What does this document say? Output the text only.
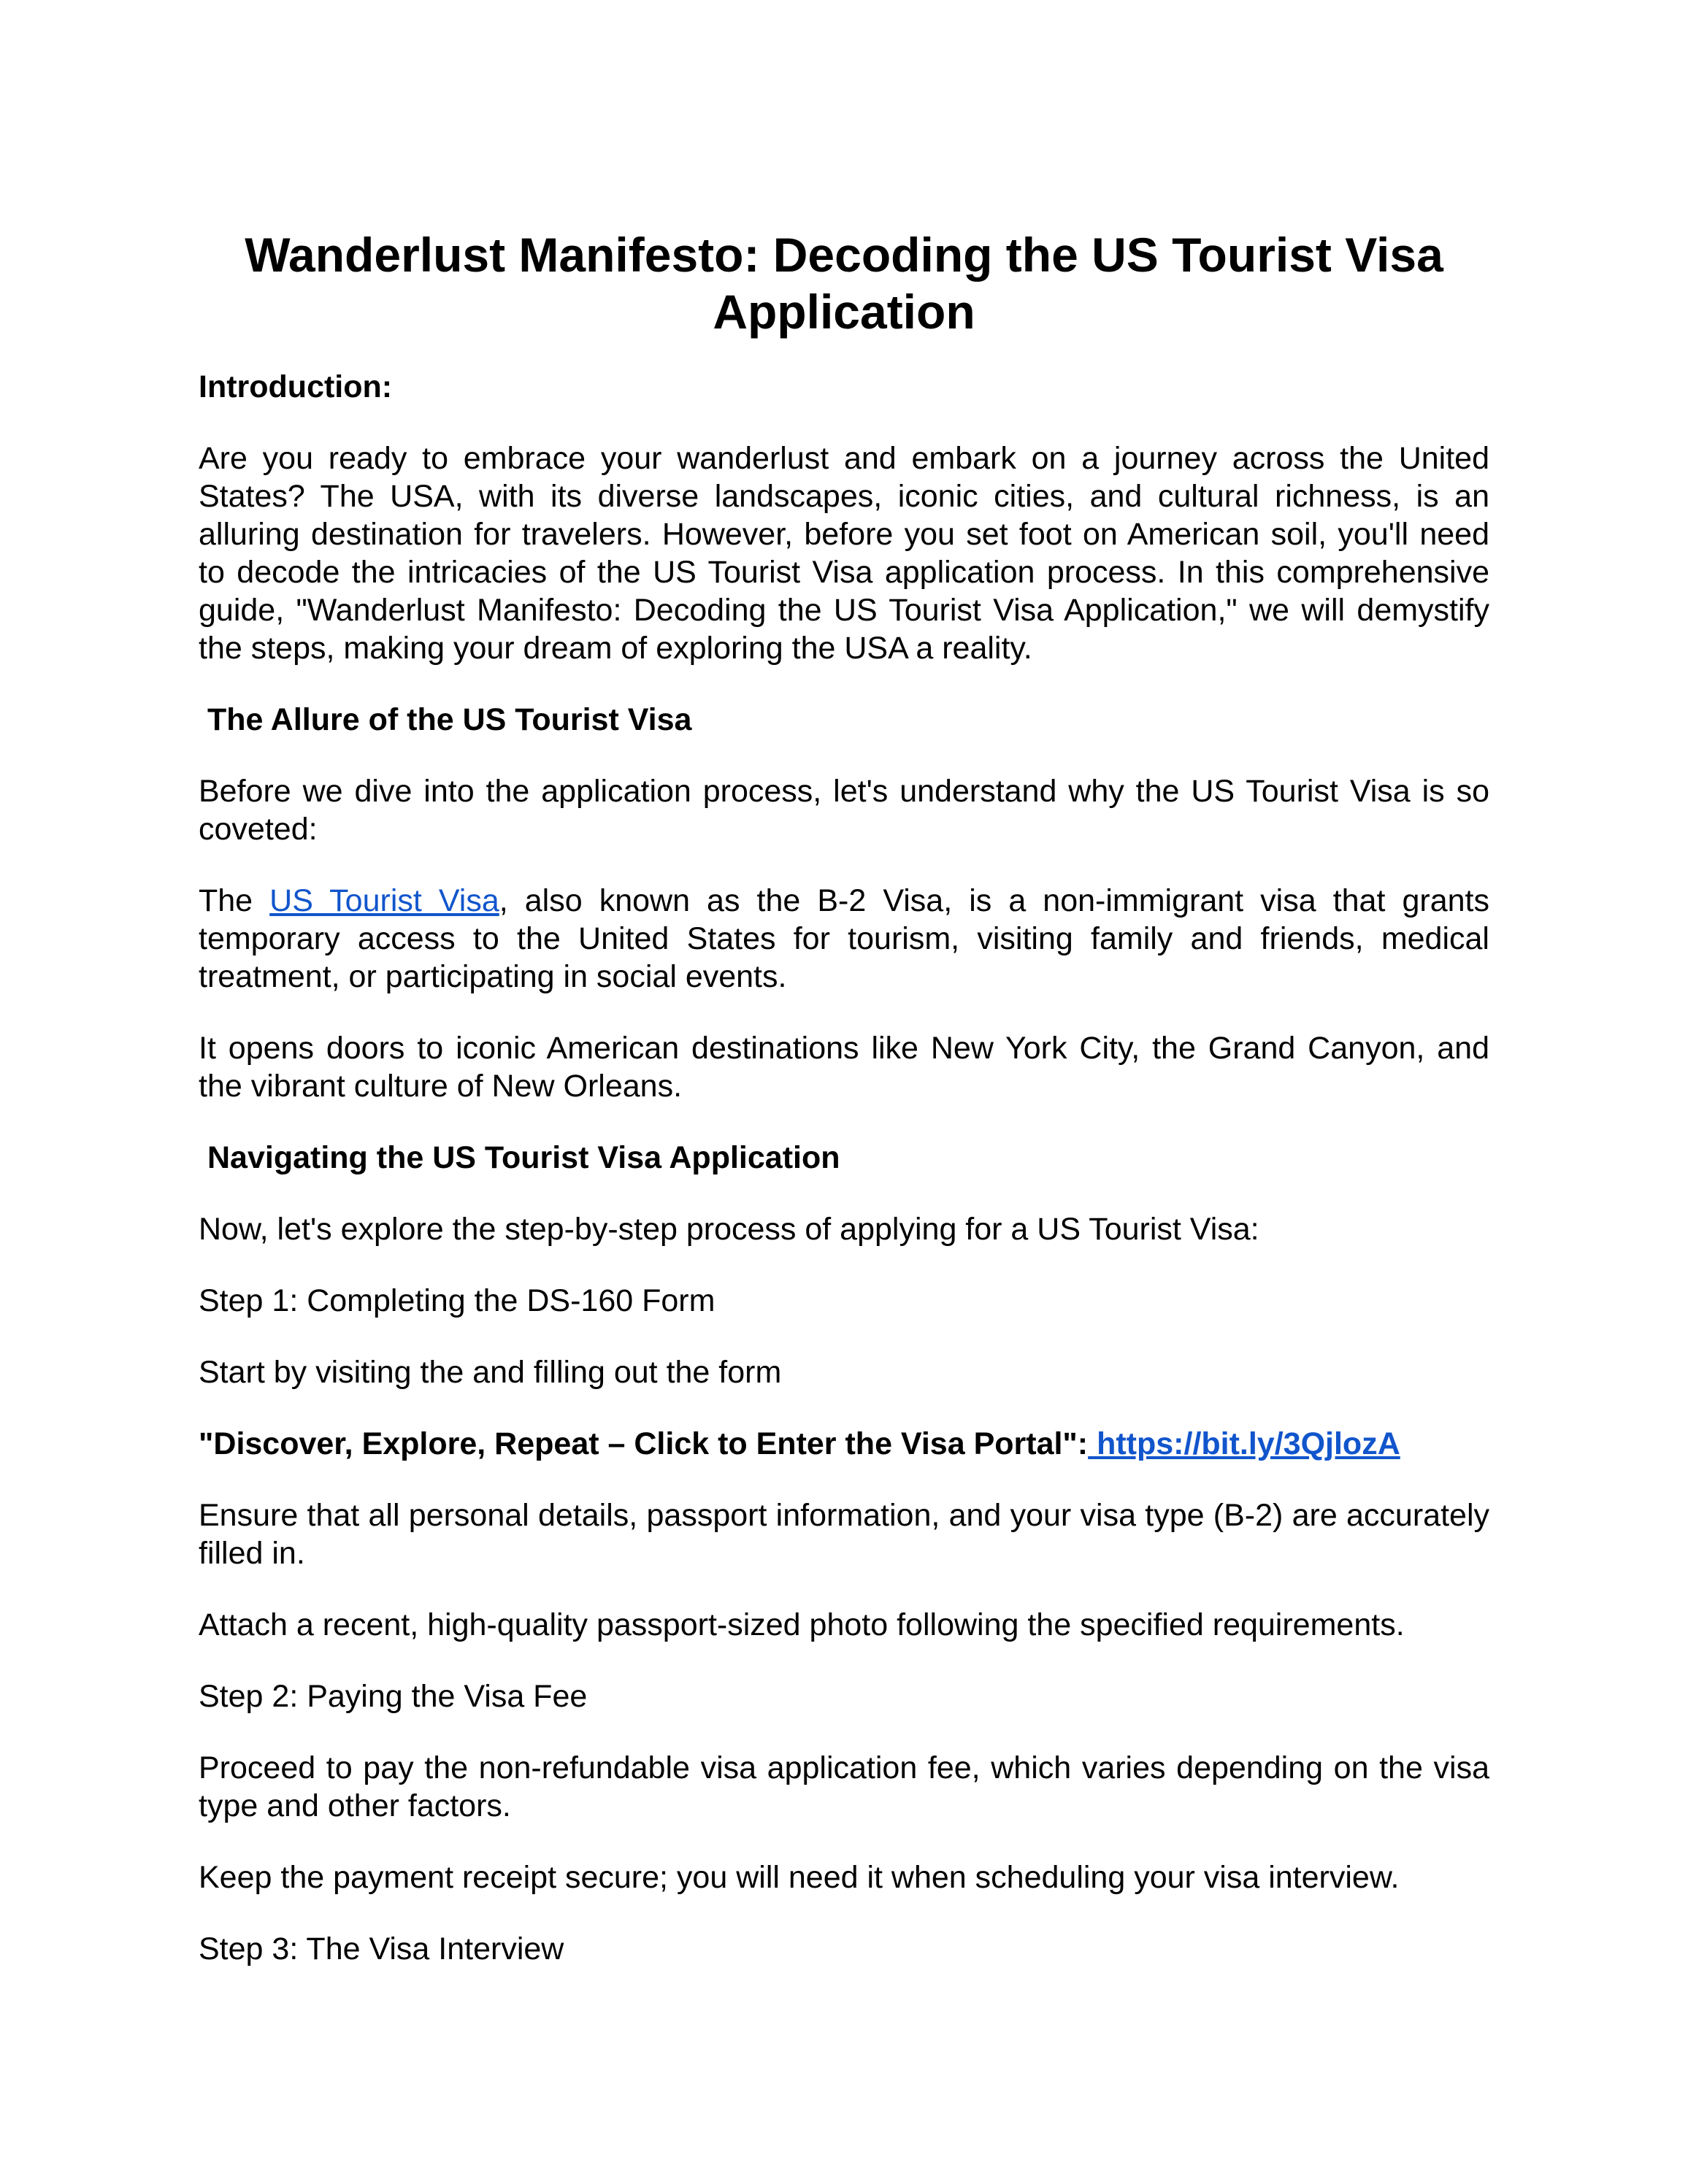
Wanderlust Manifesto: Decoding the US Tourist Visa Application
Introduction:

Are you ready to embrace your wanderlust and embark on a journey across the United States? The USA, with its diverse landscapes, iconic cities, and cultural richness, is an alluring destination for travelers. However, before you set foot on American soil, you'll need to decode the intricacies of the US Tourist Visa application process. In this comprehensive guide, "Wanderlust Manifesto: Decoding the US Tourist Visa Application," we will demystify the steps, making your dream of exploring the USA a reality.

The Allure of the US Tourist Visa

Before we dive into the application process, let's understand why the US Tourist Visa is so coveted:

The US Tourist Visa, also known as the B-2 Visa, is a non-immigrant visa that grants temporary access to the United States for tourism, visiting family and friends, medical treatment, or participating in social events.

It opens doors to iconic American destinations like New York City, the Grand Canyon, and the vibrant culture of New Orleans.

Navigating the US Tourist Visa Application

Now, let's explore the step-by-step process of applying for a US Tourist Visa:

Step 1: Completing the DS-160 Form

Start by visiting the and filling out the form

"Discover, Explore, Repeat – Click to Enter the Visa Portal": https://bit.ly/3QjlozA

Ensure that all personal details, passport information, and your visa type (B-2) are accurately filled in.

Attach a recent, high-quality passport-sized photo following the specified requirements.

Step 2: Paying the Visa Fee

Proceed to pay the non-refundable visa application fee, which varies depending on the visa type and other factors.

Keep the payment receipt secure; you will need it when scheduling your visa interview.

Step 3: The Visa Interview
